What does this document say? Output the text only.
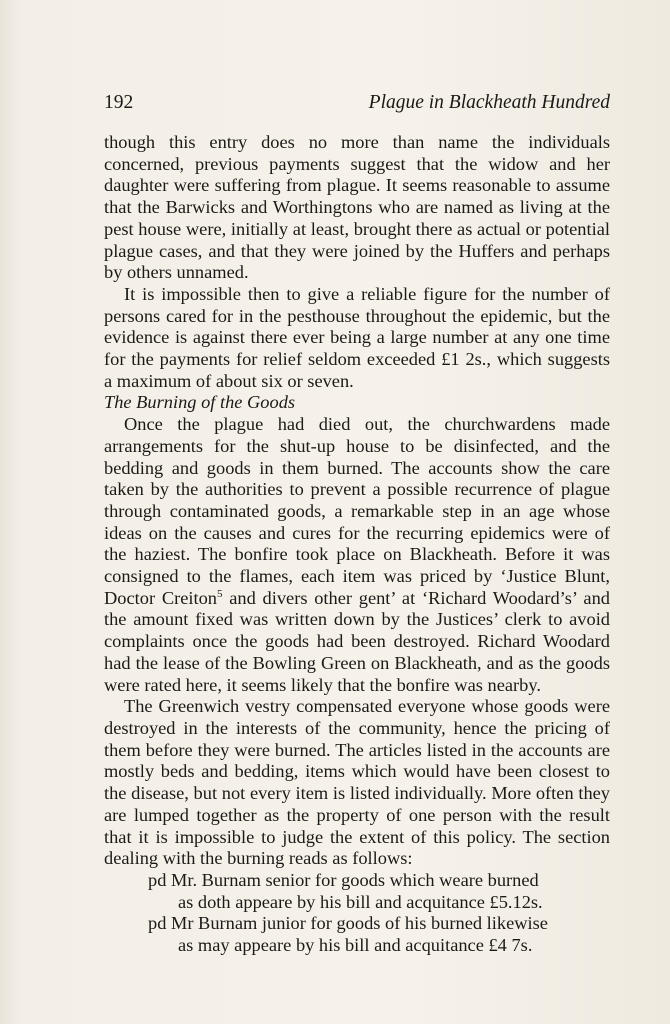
192	Plague in Blackheath Hundred

though this entry does no more than name the individuals concerned, previous payments suggest that the widow and her daughter were suffering from plague. It seems reasonable to assume that the Barwicks and Worthingtons who are named as living at the pest house were, initially at least, brought there as actual or potential plague cases, and that they were joined by the Huffers and perhaps by others unnamed.

It is impossible then to give a reliable figure for the number of persons cared for in the pesthouse throughout the epidemic, but the evidence is against there ever being a large number at any one time for the payments for relief seldom exceeded £1 2s., which suggests a maximum of about six or seven.

The Burning of the Goods

Once the plague had died out, the churchwardens made arrangements for the shut-up house to be disinfected, and the bedding and goods in them burned. The accounts show the care taken by the authorities to prevent a possible recurrence of plague through contaminated goods, a remarkable step in an age whose ideas on the causes and cures for the recurring epidemics were of the haziest. The bonfire took place on Blackheath. Before it was consigned to the flames, each item was priced by ‘Justice Blunt, Doctor Creiton$^5$ and divers other gent’ at ‘Richard Woodard’s’ and the amount fixed was written down by the Justices’ clerk to avoid complaints once the goods had been destroyed. Richard Woodard had the lease of the Bowling Green on Blackheath, and as the goods were rated here, it seems likely that the bonfire was nearby.

The Greenwich vestry compensated everyone whose goods were destroyed in the interests of the community, hence the pricing of them before they were burned. The articles listed in the accounts are mostly beds and bedding, items which would have been closest to the disease, but not every item is listed individually. More often they are lumped together as the property of one person with the result that it is impossible to judge the extent of this policy. The section dealing with the burning reads as follows:

pd Mr. Burnam senior for goods which weare burned
as doth appeare by his bill and acquitance £5.12s.

pd Mr Burnam junior for goods of his burned likewise
as may appeare by his bill and acquitance £4 7s.
